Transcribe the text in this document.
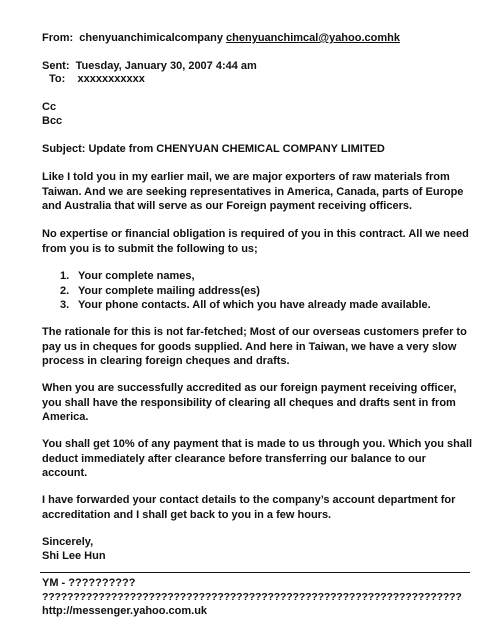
From: chenyuanchimicalcompany chenyuanchimcal@yahoo.comhk
Sent: Tuesday, January 30, 2007 4:44 am
To: xxxxxxxxxxx
Cc
Bcc
Subject: Update from CHENYUAN CHEMICAL COMPANY LIMITED

Like I told you in my earlier mail, we are major exporters of raw materials from Taiwan. And we are seeking representatives in America, Canada, parts of Europe and Australia that will serve as our Foreign payment receiving officers.

No expertise or financial obligation is required of you in this contract. All we need from you is to submit the following to us;

1. Your complete names,
2. Your complete mailing address(es)
3. Your phone contacts. All of which you have already made available.

The rationale for this is not far-fetched; Most of our overseas customers prefer to pay us in cheques for goods supplied. And here in Taiwan, we have a very slow process in clearing foreign cheques and drafts.

When you are successfully accredited as our foreign payment receiving officer, you shall have the responsibility of clearing all cheques and drafts sent in from America.

You shall get 10% of any payment that is made to us through you. Which you shall deduct immediately after clearance before transferring our balance to our account.

I have forwarded your contact details to the company’s account department for accreditation and I shall get back to you in a few hours.

Sincerely,
Shi Lee Hun
YM - ??????????
???????????????????????????????????????????????????????????????????
http://messenger.yahoo.com.uk
